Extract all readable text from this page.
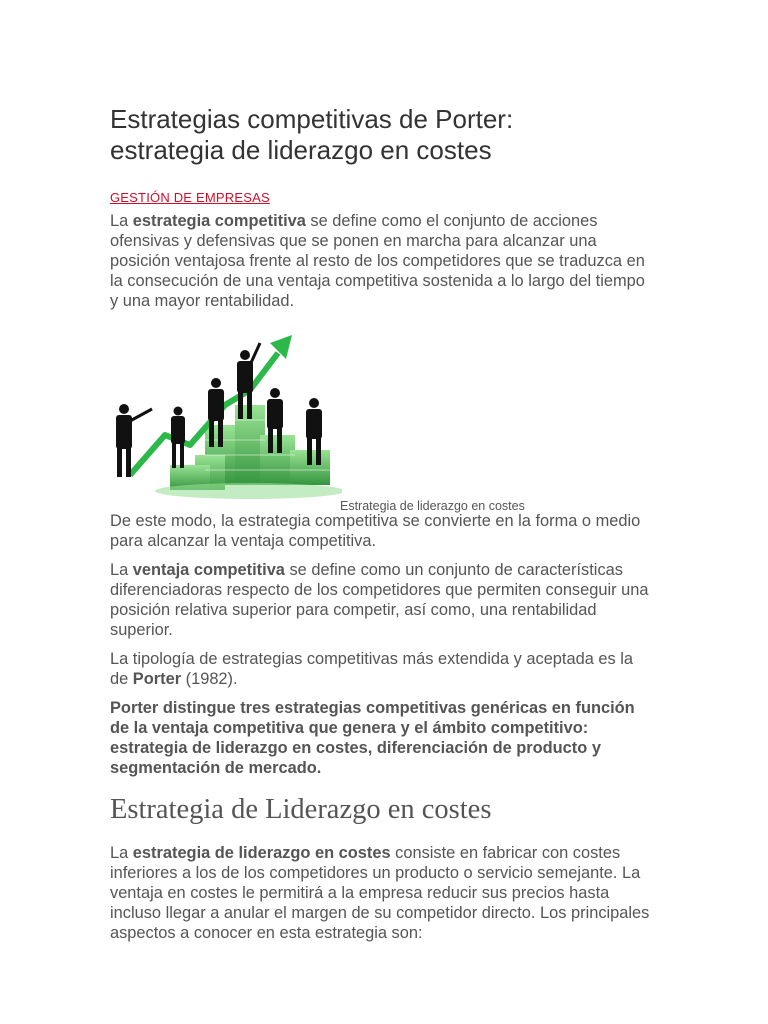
Estrategias competitivas de Porter:
estrategia de liderazgo en costes
GESTIÓN DE EMPRESAS

La estrategia competitiva se define como el conjunto de acciones ofensivas y defensivas que se ponen en marcha para alcanzar una posición ventajosa frente al resto de los competidores que se traduzca en la consecución de una ventaja competitiva sostenida a lo largo del tiempo y una mayor rentabilidad.

Estrategia de liderazgo en costes

De este modo, la estrategia competitiva se convierte en la forma o medio para alcanzar la ventaja competitiva.

La ventaja competitiva se define como un conjunto de características diferenciadoras respecto de los competidores que permiten conseguir una posición relativa superior para competir, así como, una rentabilidad superior.

La tipología de estrategias competitivas más extendida y aceptada es la de Porter (1982).

Porter distingue tres estrategias competitivas genéricas en función de la ventaja competitiva que genera y el ámbito competitivo: estrategia de liderazgo en costes, diferenciación de producto y segmentación de mercado.

Estrategia de Liderazgo en costes

La estrategia de liderazgo en costes consiste en fabricar con costes inferiores a los de los competidores un producto o servicio semejante. La ventaja en costes le permitirá a la empresa reducir sus precios hasta incluso llegar a anular el margen de su competidor directo. Los principales aspectos a conocer en esta estrategia son:
